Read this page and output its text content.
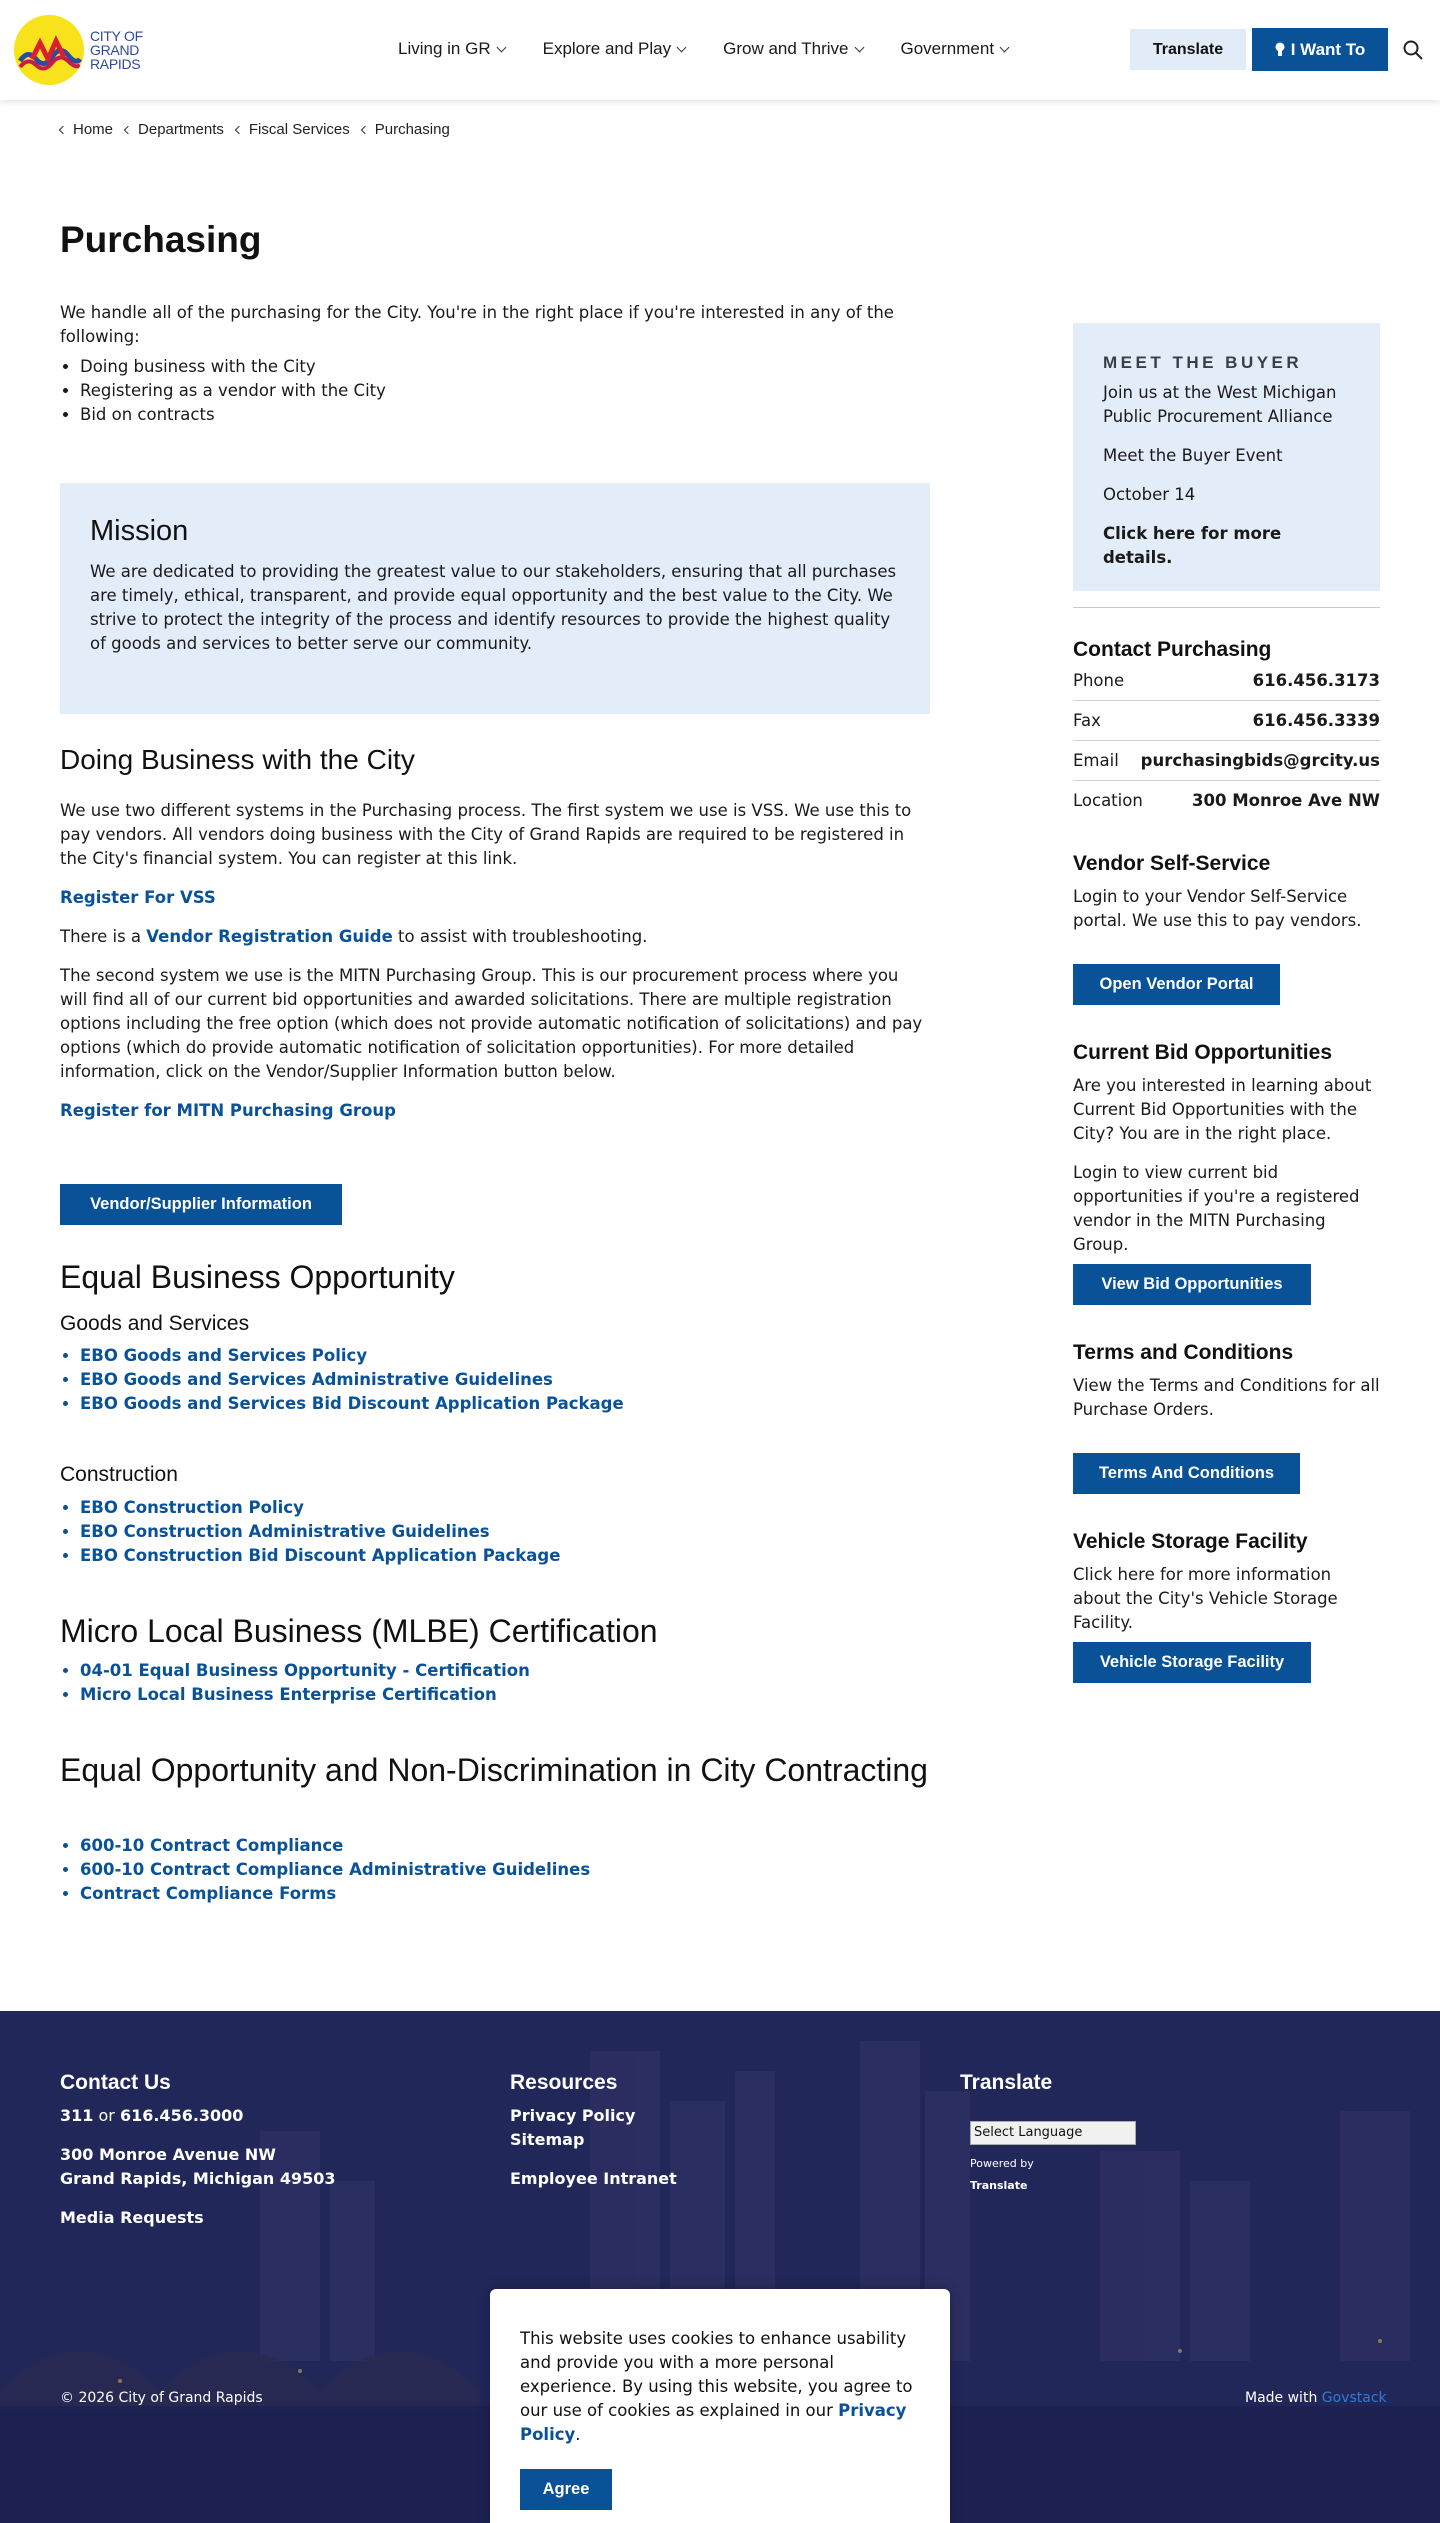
CITY OF
GRAND
RAPIDS
Living in GR	Explore and Play	Grow and Thrive	Government	Translate	I Want To
Home Departments Fiscal Services Purchasing
Purchasing

We handle all of the purchasing for the City. You're in the right place if you're interested in any of the following:

• Doing business with the City
• Registering as a vendor with the City
• Bid on contracts
Mission

We are dedicated to providing the greatest value to our stakeholders, ensuring that all purchases are timely, ethical, transparent, and provide equal opportunity and the best value to the City. We strive to protect the integrity of the process and identify resources to provide the highest quality of goods and services to better serve our community.

Doing Business with the City

We use two different systems in the Purchasing process. The first system we use is VSS. We use this to pay vendors. All vendors doing business with the City of Grand Rapids are required to be registered in the City's financial system. You can register at this link.

Register For VSS

There is a Vendor Registration Guide to assist with troubleshooting.

The second system we use is the MITN Purchasing Group. This is our procurement process where you will find all of our current bid opportunities and awarded solicitations. There are multiple registration options including the free option (which does not provide automatic notification of solicitations) and pay options (which do provide automatic notification of solicitation opportunities). For more detailed information, click on the Vendor/Supplier Information button below.

Register for MITN Purchasing Group
Vendor/Supplier Information
Equal Business Opportunity
Goods and Services
• EBO Goods and Services Policy
• EBO Goods and Services Administrative Guidelines
• EBO Goods and Services Bid Discount Application Package
Construction
• EBO Construction Policy
• EBO Construction Administrative Guidelines
• EBO Construction Bid Discount Application Package
Micro Local Business (MLBE) Certification
• 04-01 Equal Business Opportunity - Certification
• Micro Local Business Enterprise Certification
Equal Opportunity and Non-Discrimination in City Contracting
• 600-10 Contract Compliance
• 600-10 Contract Compliance Administrative Guidelines
• Contract Compliance Forms
MEET THE BUYER

Join us at the West Michigan Public Procurement Alliance

Meet the Buyer Event

October 14

Click here for more details.

Contact Purchasing
Phone	616.456.3173
Fax	616.456.3339
Email purchasingbids@grcity.us
Location	300 Monroe Ave NW
Vendor Self-Service

Login to your Vendor Self-Service portal. We use this to pay vendors.

Open Vendor Portal
Current Bid Opportunities

Are you interested in learning about Current Bid Opportunities with the City? You are in the right place.

Login to view current bid opportunities if you're a registered vendor in the MITN Purchasing Group.

View Bid Opportunities
Terms and Conditions

View the Terms and Conditions for all Purchase Orders.

Terms And Conditions
Vehicle Storage Facility

Click here for more information about the City's Vehicle Storage Facility.

Vehicle Storage Facility
Contact Us
311 or 616.456.3000
300 Monroe Avenue NW
Grand Rapids, Michigan 49503
Media Requests
Resources
Privacy Policy
Sitemap
Employee Intranet
Translate
Select Language
Powered by
Translate
© 2026 City of Grand Rapids	Made with Govstack

This website uses cookies to enhance usability and provide you with a more personal experience. By using this website, you agree to our use of cookies as explained in our Privacy Policy.

Agree
